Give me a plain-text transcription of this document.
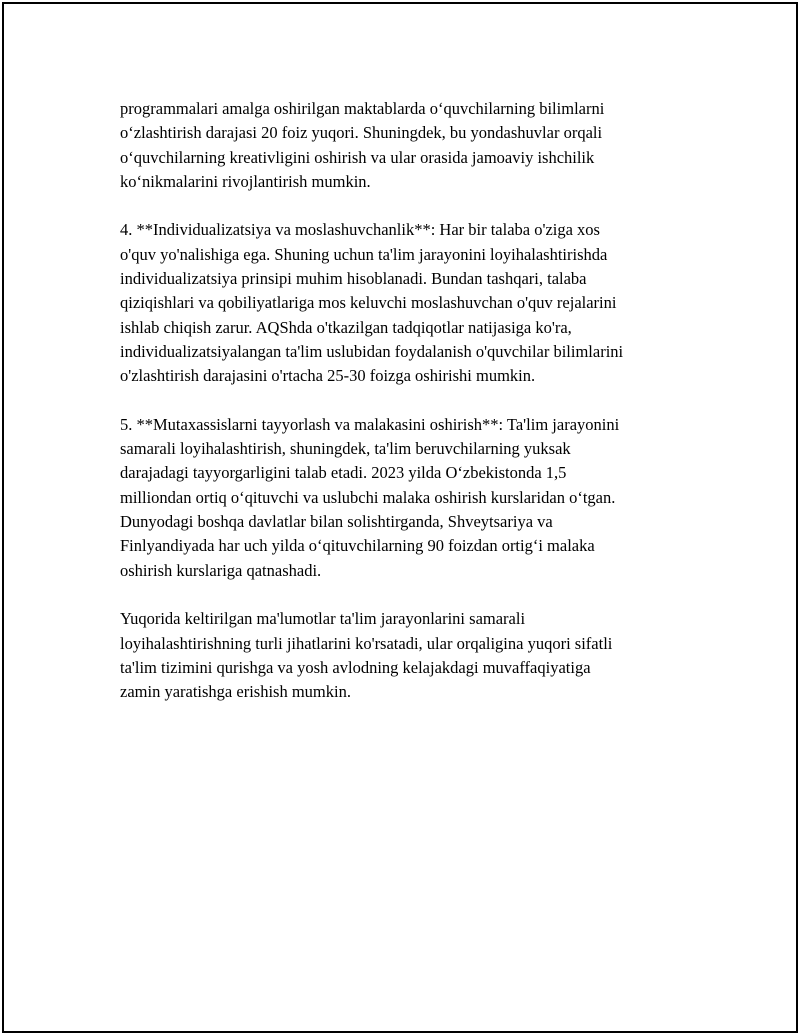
programmalari amalga oshirilgan maktablarda o‘quvchilarning bilimlarni
o‘zlashtirish darajasi 20 foiz yuqori. Shuningdek, bu yondashuvlar orqali
o‘quvchilarning kreativligini oshirish va ular orasida jamoaviy ishchilik
ko‘nikmalarini rivojlantirish mumkin.

4. **Individualizatsiya va moslashuvchanlik**: Har bir talaba o'ziga xos
o'quv yo'nalishiga ega. Shuning uchun ta'lim jarayonini loyihalashtirishda
individualizatsiya prinsipi muhim hisoblanadi. Bundan tashqari, talaba
qiziqishlari va qobiliyatlariga mos keluvchi moslashuvchan o'quv rejalarini
ishlab chiqish zarur. AQShda o'tkazilgan tadqiqotlar natijasiga ko'ra,
individualizatsiyalangan ta'lim uslubidan foydalanish o'quvchilar bilimlarini
o'zlashtirish darajasini o'rtacha 25-30 foizga oshirishi mumkin.

5. **Mutaxassislarni tayyorlash va malakasini oshirish**: Ta'lim jarayonini
samarali loyihalashtirish, shuningdek, ta'lim beruvchilarning yuksak
darajadagi tayyorgarligini talab etadi. 2023 yilda O‘zbekistonda 1,5
milliondan ortiq o‘qituvchi va uslubchi malaka oshirish kurslaridan o‘tgan.
Dunyodagi boshqa davlatlar bilan solishtirganda, Shveytsariya va
Finlyandiyada har uch yilda o‘qituvchilarning 90 foizdan ortig‘i malaka
oshirish kurslariga qatnashadi.

Yuqorida keltirilgan ma'lumotlar ta'lim jarayonlarini samarali
loyihalashtirishning turli jihatlarini ko'rsatadi, ular orqaligina yuqori sifatli
ta'lim tizimini qurishga va yosh avlodning kelajakdagi muvaffaqiyatiga
zamin yaratishga erishish mumkin.
